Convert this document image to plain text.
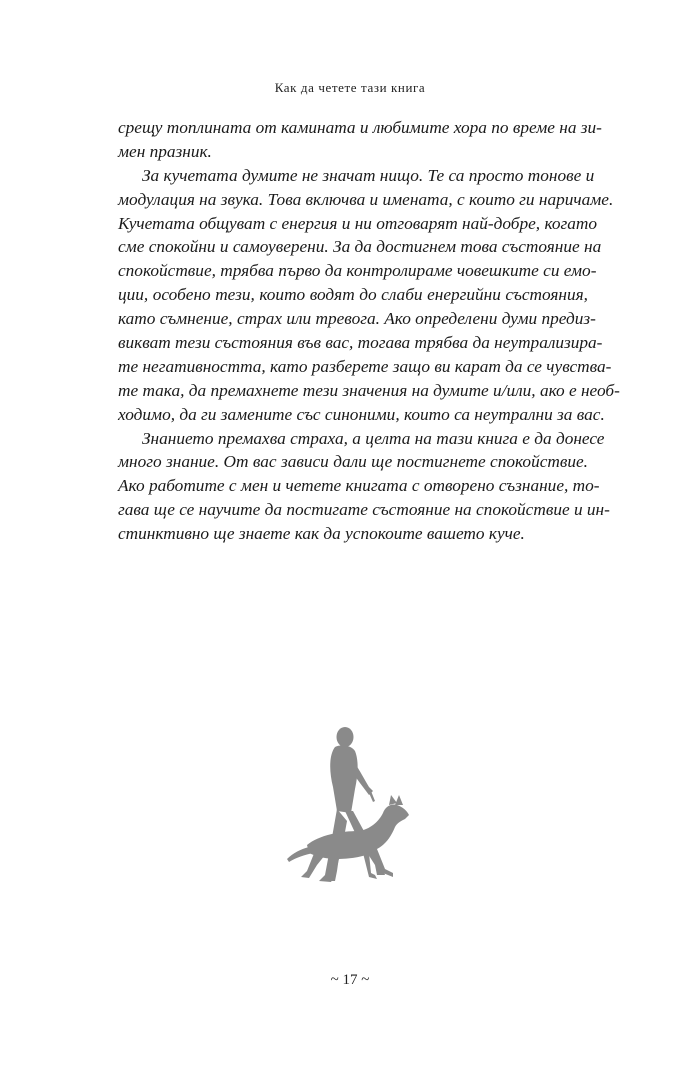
Как да четете тази книга
срещу топлината от камината и любимите хора по време на зи-
мен празник.
За кучетата думите не значат нищо. Те са просто тонове и
модулация на звука. Това включва и имената, с които ги наричаме.
Кучетата общуват с енергия и ни отговарят най-добре, когато
сме спокойни и самоуверени. За да достигнем това състояние на
спокойствие, трябва първо да контролираме човешките си емо-
ции, особено тези, които водят до слаби енергийни състояния,
като съмнение, страх или тревога. Ако определени думи предиз-
викват тези състояния във вас, тогава трябва да неутрализира-
те негативността, като разберете защо ви карат да се чувства-
те така, да премахнете тези значения на думите и/или, ако е необ-
ходимо, да ги замените със синоними, които са неутрални за вас.
Знанието премахва страха, а целта на тази книга е да донесе
много знание. От вас зависи дали ще постигнете спокойствие.
Ако работите с мен и четете книгата с отворено съзнание, то-
гава ще се научите да постигате състояние на спокойствие и ин-
стинктивно ще знаете как да успокоите вашето куче.
~ 17 ~
